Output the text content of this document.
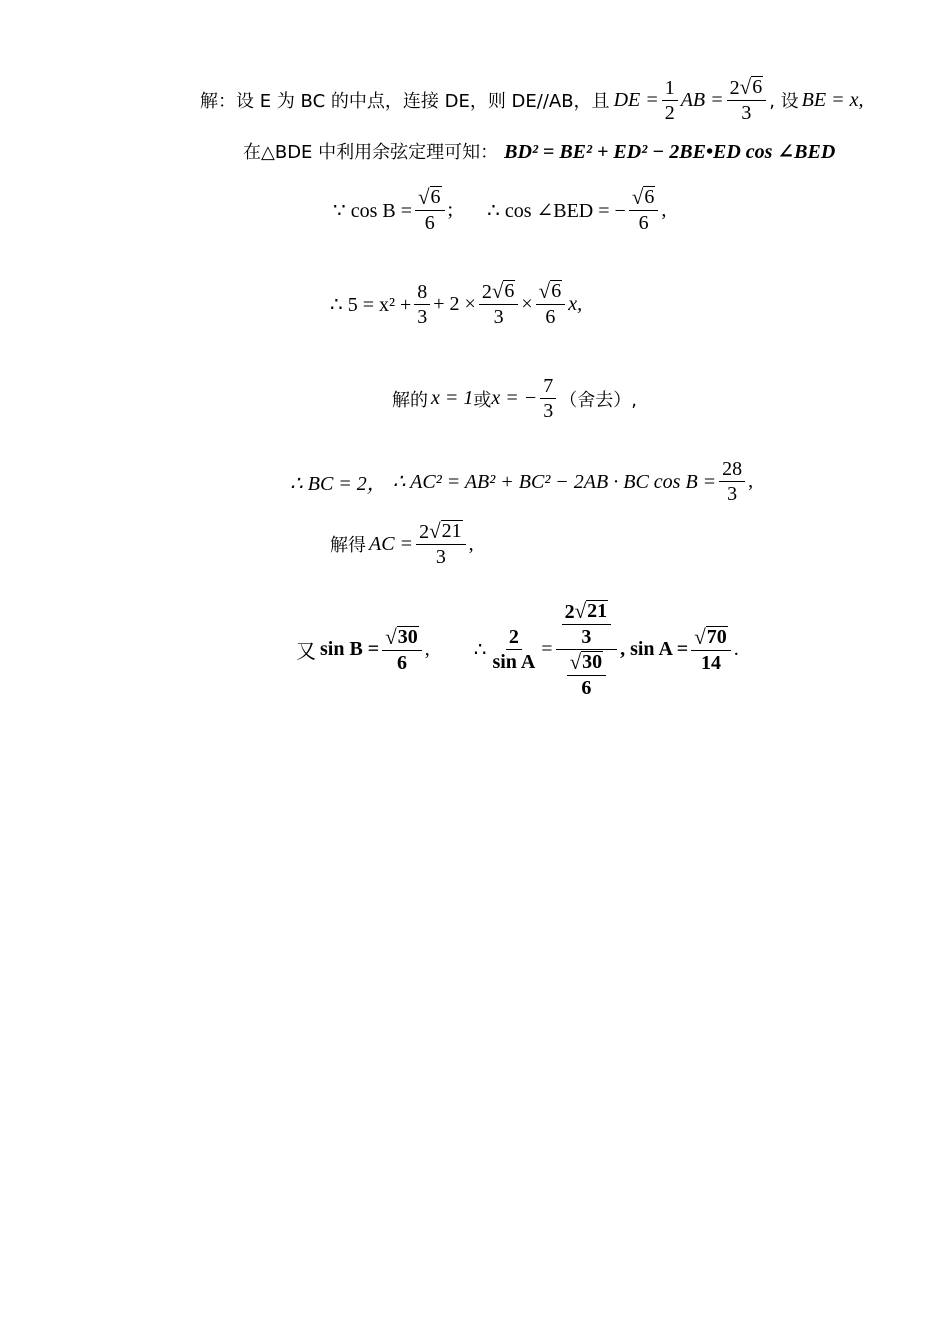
解：设 E 为 BC 的中点，连接 DE，则 DE//AB，且 DE = $\frac{1}{2}$ AB = $\frac{2 √ 6}{3}$ , 设 BE = x,
在△BDE 中利用余弦定理可知： BD² = BE² + ED² − 2BE•ED cos ∠BED
∵ $\cos B = \frac{√ 6}{6}$ ; ∴ cos ∠BED = − $\frac{√ 6}{6}$ ,
∴ $5 = x^2 + \frac{8}{3} + 2 \times \frac{2 √ 6}{3} \times \frac{√ 6}{6} x$,
解的 x = 1 或 x = − $\frac{7}{3}$ （舍去）,
∴ BC = 2， ∴ AC² = AB² + BC² − 2AB · BC $\cos B = \frac{28}{3}$ ,
解得 AC = $\frac{2 √ 21}{3}$ ,
又 $\sin B = \frac{√ 30}{6}$ , ∴ $\frac{2}{\text{sin A}} = \frac{\frac{2 √ 21}{3}}{\frac{√ 30}{6}}$ , $\sin A = \frac{√ 70}{14}$ .
